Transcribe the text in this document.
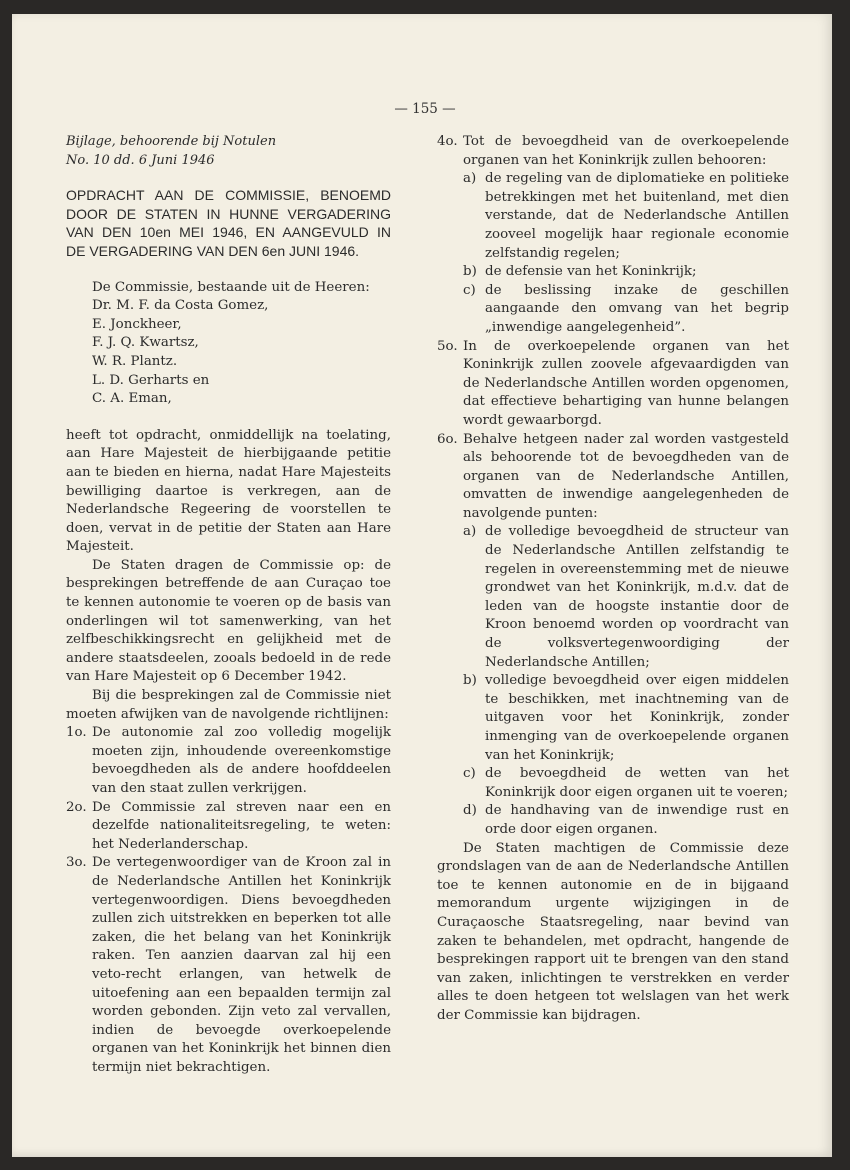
— 155 —
Bijlage, behoorende bij Notulen
No. 10 dd. 6 Juni 1946
OPDRACHT AAN DE COMMISSIE, BENOEMD
DOOR DE STATEN IN HUNNE VERGADERING
VAN DEN 10en MEI 1946, EN AANGEVULD IN
DE VERGADERING VAN DEN 6en JUNI 1946.
De Commissie, bestaande uit de Heeren:
Dr. M. F. da Costa Gomez,
E. Jonckheer,
F. J. Q. Kwartsz,
W. R. Plantz.
L. D. Gerharts en
C. A. Eman,

heeft tot opdracht, onmiddellijk na toelating, aan Hare Majesteit de hierbijgaande petitie aan te bieden en hierna, nadat Hare Majesteits bewilliging daartoe is verkregen, aan de Nederlandsche Regeering de voorstellen te doen, vervat in de petitie der Staten aan Hare Majesteit.

De Staten dragen de Commissie op: de besprekingen betreffende de aan Curaçao toe te kennen autonomie te voeren op de basis van onderlingen wil tot samenwerking, van het zelfbeschikkingsrecht en gelijkheid met de andere staatsdeelen, zooals bedoeld in de rede van Hare Majesteit op 6 December 1942.

Bij die besprekingen zal de Commissie niet moeten afwijken van de navolgende richtlijnen:

1o. De autonomie zal zoo volledig mogelijk moeten zijn, inhoudende overeenkomstige bevoegdheden als de andere hoofddeelen van den staat zullen verkrijgen.
2o. De Commissie zal streven naar een en dezelfde nationaliteitsregeling, te weten: het Nederlanderschap.
3o. De vertegenwoordiger van de Kroon zal in de Nederlandsche Antillen het Koninkrijk vertegenwoordigen. Diens bevoegdheden zullen zich uitstrekken en beperken tot alle zaken, die het belang van het Koninkrijk raken. Ten aanzien daarvan zal hij een veto-recht erlangen, van hetwelk de uitoefening aan een bepaalden termijn zal worden gebonden. Zijn veto zal vervallen, indien de bevoegde overkoepelende organen van het Koninkrijk het binnen dien termijn niet bekrachtigen.
4o. Tot de bevoegdheid van de overkoepelende organen van het Koninkrijk zullen behooren:
a) de regeling van de diplomatieke en politieke betrekkingen met het buitenland, met dien verstande, dat de Nederlandsche Antillen zooveel mogelijk haar regionale economie zelfstandig regelen;
b) de defensie van het Koninkrijk;
c) de beslissing inzake de geschillen aangaande den omvang van het begrip „inwendige aangelegenheid”.
5o. In de overkoepelende organen van het Koninkrijk zullen zoovele afgevaardigden van de Nederlandsche Antillen worden opgenomen, dat effectieve behartiging van hunne belangen wordt gewaarborgd.
6o. Behalve hetgeen nader zal worden vastgesteld als behoorende tot de bevoegdheden van de organen van de Nederlandsche Antillen, omvatten de inwendige aangelegenheden de navolgende punten:
a) de volledige bevoegdheid de structeur van de Nederlandsche Antillen zelfstandig te regelen in overeenstemming met de nieuwe grondwet van het Koninkrijk, m.d.v. dat de leden van de hoogste instantie door de Kroon benoemd worden op voordracht van de volksvertegenwoordiging der Nederlandsche Antillen;
b) volledige bevoegdheid over eigen middelen te beschikken, met inachtneming van de uitgaven voor het Koninkrijk, zonder inmenging van de overkoepelende organen van het Koninkrijk;
c) de bevoegdheid de wetten van het Koninkrijk door eigen organen uit te voeren;
d) de handhaving van de inwendige rust en orde door eigen organen.

De Staten machtigen de Commissie deze grondslagen van de aan de Nederlandsche Antillen toe te kennen autonomie en de in bijgaand memorandum urgente wijzigingen in de Curaçaosche Staatsregeling, naar bevind van zaken te behandelen, met opdracht, hangende de besprekingen rapport uit te brengen van den stand van zaken, inlichtingen te verstrekken en verder alles te doen hetgeen tot welslagen van het werk der Commissie kan bijdragen.
